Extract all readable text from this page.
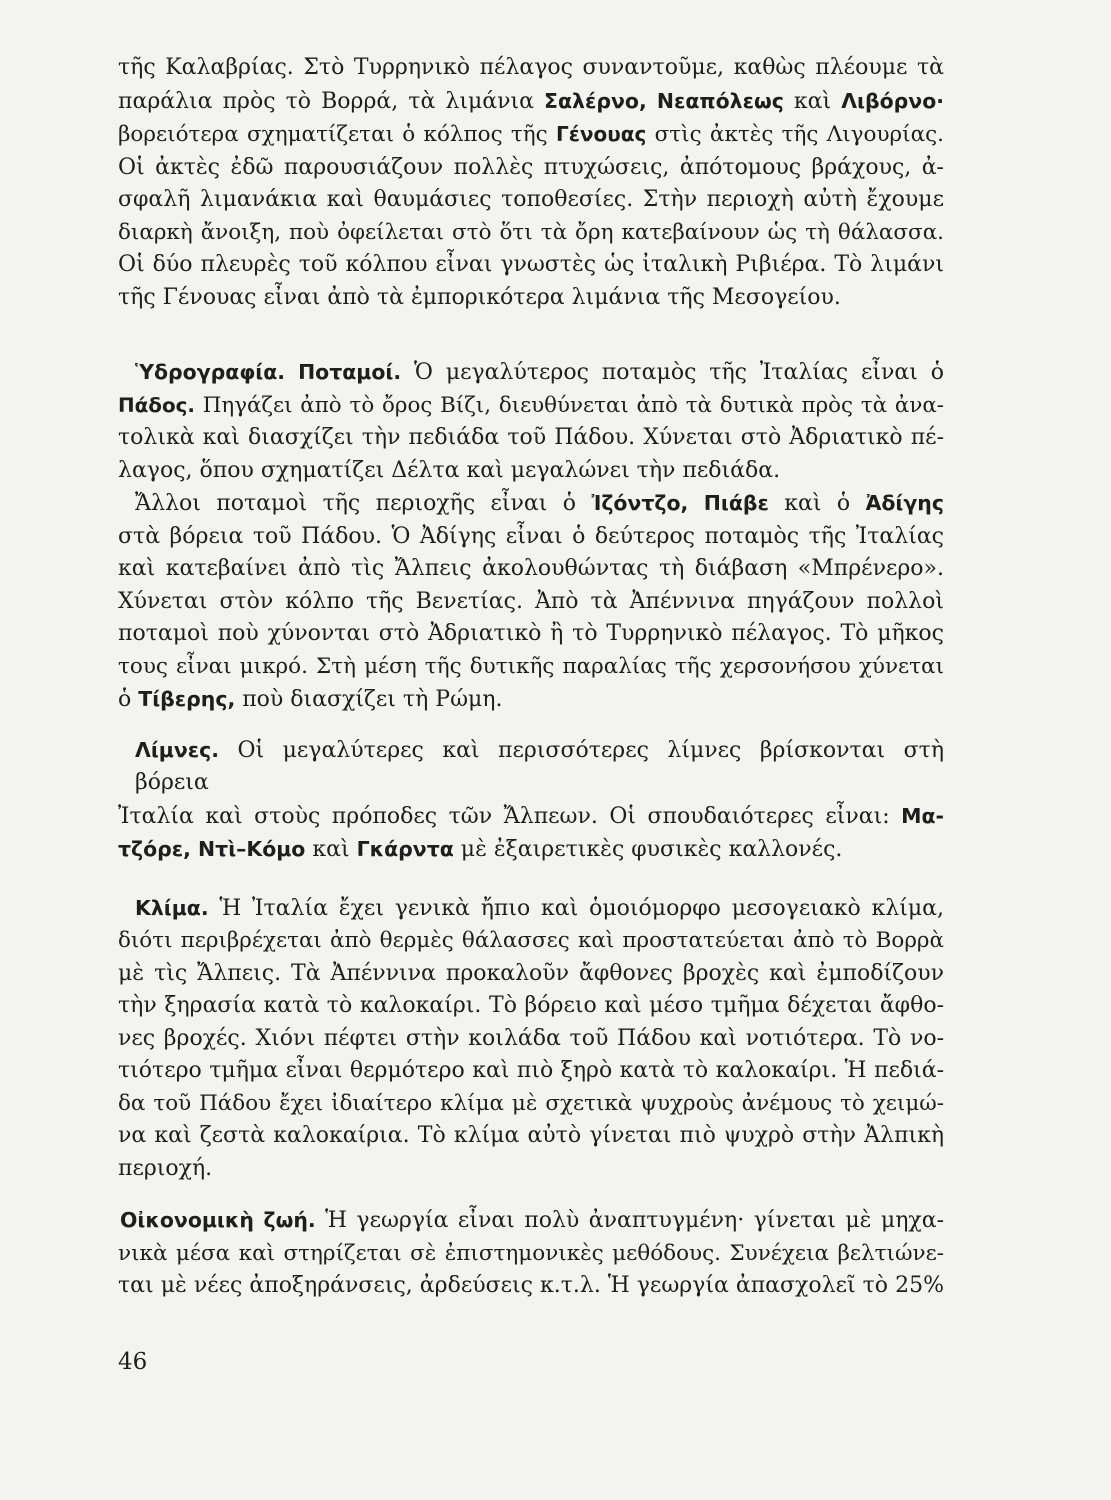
τῆς Καλαβρίας. Στὸ Τυρρηνικὸ πέλαγος συναντοῦμε, καθὼς πλέουμε τὰ
παράλια πρὸς τὸ Βορρά, τὰ λιμάνια Σαλέρνο, Νεαπόλεως καὶ Λιβόρνο·
βορειότερα σχηματίζεται ὁ κόλπος τῆς Γένουας στὶς ἀκτὲς τῆς Λιγουρίας.
Οἱ ἀκτὲς ἐδῶ παρουσιάζουν πολλὲς πτυχώσεις, ἀπότομους βράχους, ἀ-
σφαλῆ λιμανάκια καὶ θαυμάσιες τοποθεσίες. Στὴν περιοχὴ αὐτὴ ἔχουμε
διαρκὴ ἄνοιξη, ποὺ ὀφείλεται στὸ ὅτι τὰ ὄρη κατεβαίνουν ὡς τὴ θάλασσα.
Οἱ δύο πλευρὲς τοῦ κόλπου εἶναι γνωστὲς ὡς ἰταλικὴ Ριβιέρα. Τὸ λιμάνι
τῆς Γένουας εἶναι ἀπὸ τὰ ἐμπορικότερα λιμάνια τῆς Μεσογείου.
Ὑδρογραφία. Ποταμοί. Ὁ μεγαλύτερος ποταμὸς τῆς Ἰταλίας εἶναι ὁ
Πάδος. Πηγάζει ἀπὸ τὸ ὄρος Βίζι, διευθύνεται ἀπὸ τὰ δυτικὰ πρὸς τὰ ἀνα-
τολικὰ καὶ διασχίζει τὴν πεδιάδα τοῦ Πάδου. Χύνεται στὸ Ἀδριατικὸ πέ-
λαγος, ὅπου σχηματίζει Δέλτα καὶ μεγαλώνει τὴν πεδιάδα.
Ἄλλοι ποταμοὶ τῆς περιοχῆς εἶναι ὁ Ἰζόντζο, Πιάβε καὶ ὁ Ἀδίγης
στὰ βόρεια τοῦ Πάδου. Ὁ Ἀδίγης εἶναι ὁ δεύτερος ποταμὸς τῆς Ἰταλίας
καὶ κατεβαίνει ἀπὸ τὶς Ἄλπεις ἀκολουθώντας τὴ διάβαση «Μπρένερο».
Χύνεται στὸν κόλπο τῆς Βενετίας. Ἀπὸ τὰ Ἀπέννινα πηγάζουν πολλοὶ
ποταμοὶ ποὺ χύνονται στὸ Ἀδριατικὸ ἢ τὸ Τυρρηνικὸ πέλαγος. Τὸ μῆκος
τους εἶναι μικρό. Στὴ μέση τῆς δυτικῆς παραλίας τῆς χερσονήσου χύνεται
ὁ Τίβερης, ποὺ διασχίζει τὴ Ρώμη.
Λίμνες. Οἱ μεγαλύτερες καὶ περισσότερες λίμνες βρίσκονται στὴ βόρεια
Ἰταλία καὶ στοὺς πρόποδες τῶν Ἄλπεων. Οἱ σπουδαιότερες εἶναι: Μα-
τζόρε, Ντὶ–Κόμο καὶ Γκάρντα μὲ ἐξαιρετικὲς φυσικὲς καλλονές.
Κλίμα. Ἡ Ἰταλία ἔχει γενικὰ ἤπιο καὶ ὁμοιόμορφο μεσογειακὸ κλίμα,
διότι περιβρέχεται ἀπὸ θερμὲς θάλασσες καὶ προστατεύεται ἀπὸ τὸ Βορρὰ
μὲ τὶς Ἄλπεις. Τὰ Ἀπέννινα προκαλοῦν ἄφθονες βροχὲς καὶ ἐμποδίζουν
τὴν ξηρασία κατὰ τὸ καλοκαίρι. Τὸ βόρειο καὶ μέσο τμῆμα δέχεται ἄφθο-
νες βροχές. Χιόνι πέφτει στὴν κοιλάδα τοῦ Πάδου καὶ νοτιότερα. Τὸ νο-
τιότερο τμῆμα εἶναι θερμότερο καὶ πιὸ ξηρὸ κατὰ τὸ καλοκαίρι. Ἡ πεδιά-
δα τοῦ Πάδου ἔχει ἰδιαίτερο κλίμα μὲ σχετικὰ ψυχροὺς ἀνέμους τὸ χειμώ-
να καὶ ζεστὰ καλοκαίρια. Τὸ κλίμα αὐτὸ γίνεται πιὸ ψυχρὸ στὴν Ἀλπικὴ
περιοχή.
Οἰκονομικὴ ζωή. Ἡ γεωργία εἶναι πολὺ ἀναπτυγμένη· γίνεται μὲ μηχα-
νικὰ μέσα καὶ στηρίζεται σὲ ἐπιστημονικὲς μεθόδους. Συνέχεια βελτιώνε-
ται μὲ νέες ἀποξηράνσεις, ἀρδεύσεις κ.τ.λ. Ἡ γεωργία ἀπασχολεῖ τὸ 25%
46
